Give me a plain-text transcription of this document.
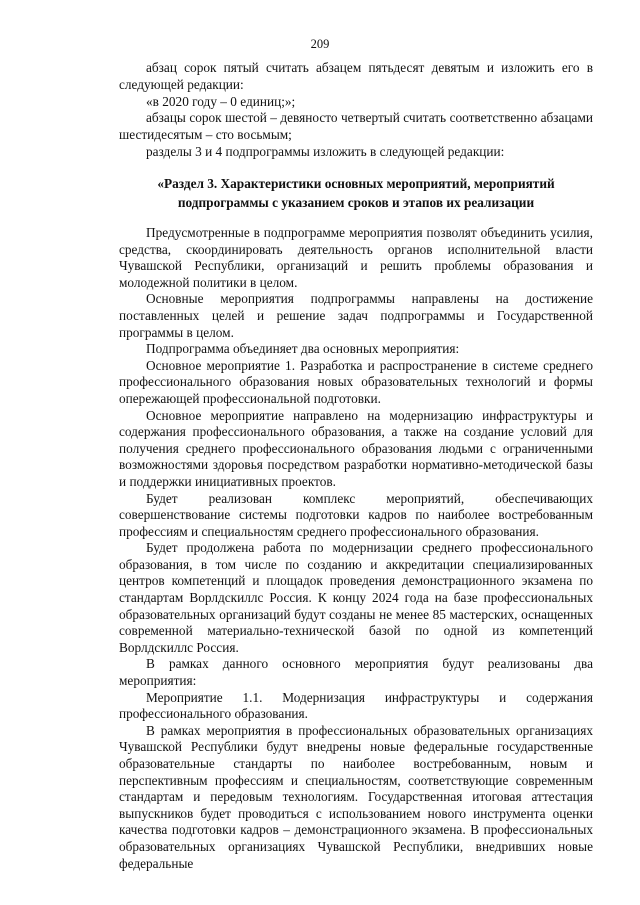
209

абзац сорок пятый считать абзацем пятьдесят девятым и изложить его в следующей редакции:

«в 2020 году – 0 единиц;»;

абзацы сорок шестой – девяносто четвертый считать соответственно абзацами шестидесятым – сто восьмым;

разделы 3 и 4 подпрограммы изложить в следующей редакции:

«Раздел 3. Характеристики основных мероприятий, мероприятий
подпрограммы с указанием сроков и этапов их реализации

Предусмотренные в подпрограмме мероприятия позволят объединить усилия, средства, скоординировать деятельность органов исполнительной власти Чувашской Республики, организаций и решить проблемы образования и молодежной политики в целом.

Основные мероприятия подпрограммы направлены на достижение поставленных целей и решение задач подпрограммы и Государственной программы в целом.

Подпрограмма объединяет два основных мероприятия:

Основное мероприятие 1. Разработка и распространение в системе среднего профессионального образования новых образовательных технологий и формы опережающей профессиональной подготовки.

Основное мероприятие направлено на модернизацию инфраструктуры и содержания профессионального образования, а также на создание условий для получения среднего профессионального образования людьми с ограниченными возможностями здоровья посредством разработки нормативно-методической базы и поддержки инициативных проектов.

Будет реализован комплекс мероприятий, обеспечивающих совершенствование системы подготовки кадров по наиболее востребованным профессиям и специальностям среднего профессионального образования.

Будет продолжена работа по модернизации среднего профессионального образования, в том числе по созданию и аккредитации специализированных центров компетенций и площадок проведения демонстрационного экзамена по стандартам Ворлдскиллс Россия. К концу 2024 года на базе профессиональных образовательных организаций будут созданы не менее 85 мастерских, оснащенных современной материально-технической базой по одной из компетенций Ворлдскиллс Россия.

В рамках данного основного мероприятия будут реализованы два мероприятия:

Мероприятие 1.1. Модернизация инфраструктуры и содержания профессионального образования.

В рамках мероприятия в профессиональных образовательных организациях Чувашской Республики будут внедрены новые федеральные государственные образовательные стандарты по наиболее востребованным, новым и перспективным профессиям и специальностям, соответствующие современным стандартам и передовым технологиям. Государственная итоговая аттестация выпускников будет проводиться с использованием нового инструмента оценки качества подготовки кадров – демонстрационного экзамена. В профессиональных образовательных организациях Чувашской Республики, внедривших новые федеральные
